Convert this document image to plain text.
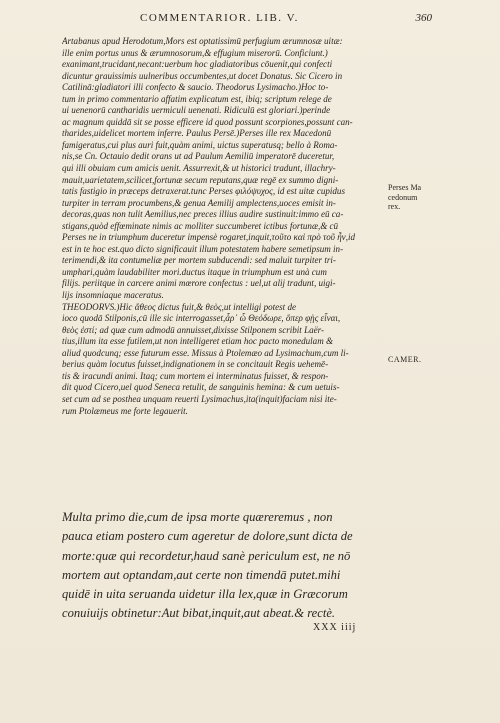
COMMENTARIOR. LIB. V.	360
Artabanus apud Herodotum,Mors est optatissimū perfugium ærumnosæ uitæ:
ille enim portus unus & ærumnosorum,& effugium miserorū. Conficiunt.)
exanimant,trucidant,necant:uerbum hoc gladiatoribus cōuenit,qui confecti
dicuntur grauissimis uulneribus occumbentes,ut docet Donatus. Sic Cicero in
Catilinā:gladiatori illi confecto & saucio. Theodorus Lysimacho.)Hoc to-
tum in primo commentario affatim explicatum est, ibiq; scriptum relege de
ui uenenorū cantharidis uermiculi uenenati. Ridiculū est gloriari.)perinde
ac magnum quiddā sit se posse efficere id quod possunt scorpiones,possunt can-
tharides,uidelicet mortem inferre. Paulus Persē.)Perses ille rex Macedonū
famigeratus,cui plus auri fuit,quàm animi, uictus superatusq; bello à Roma-
nis,se Cn. Octauio dedit orans ut ad Paulum Aemiliū imperatorē duceretur,
qui illi obuiam cum amicis uenit. Assurrexit,& ut historici tradunt, illachry-
mauit,uarietatem,scilicet,fortunæ secum reputans,quæ regē ex summo digni-
tatis fastigio in præceps detraxerat.tunc Perses φιλόψυχος, id est uitæ cupidus
turpiter in terram procumbens,& genua Aemilij amplectens,uoces emisit in-
decoras,quas non tulit Aemilius,nec preces illius audire sustinuit:immo eū ca-
stigans,quòd effœminate nimis ac molliter succumberet ictibus fortunæ,& cū
Perses ne in triumphum duceretur impensè rogaret,inquit,τοῦτο καὶ πρὸ τοῦ ἦν,id
est in te hoc est.quo dicto significauit illum potestatem habere semetipsum in-
terimendi,& ita contumeliæ per mortem subducendi: sed maluit turpiter tri-
umphari,quàm laudabiliter mori.ductus itaque in triumphum est unà cum
filijs. periitque in carcere animi mœrore confectus : uel,ut alij tradunt, uigi-
lijs insomniaque maceratus.
THEODORVS.)Hic ἄθεος dictus fuit,& θεὸς,ut intelligi potest de
ioco quodā Stilponis,cū ille sic interrogasset,ἆρ᾽ ὦ Θεόδωρε, ὅπερ φῂς εἶναι,
θεὸς ἐστί; ad quæ cum admodū annuisset,dixisse Stilponem scribit Laër-
tius,illum ita esse futilem,ut non intelligeret etiam hoc pacto monedulam &
aliud quodcunq; esse futurum esse. Missus à Ptolemæo ad Lysimachum,cum li-
berius quàm locutus fuisset,indignationem in se concitauit Regis uehemē-
tis & iracundi animi. Itaq; cum mortem ei interminatus fuisset, & respon-
dit quod Cicero,uel quod Seneca retulit, de sanguinis hemina: & cum uetuis-
set cum ad se posthea unquam reuerti Lysimachus,ita(inquit)faciam nisi ite-
rum Ptolæmeus me forte legauerit.
Perses Ma
cedonum
rex.
CAMER.
Multa primo die,cum de ipsa morte quæreremus , non
pauca etiam postero cum ageretur de dolore,sunt dicta de
morte:quæ qui recordetur,haud sanè periculum est, ne nō
mortem aut optandam,aut certe non timendā putet.mihi
quidē in uita seruanda uidetur illa lex,quæ in Græcorum
conuiuijs obtinetur:Aut bibat,inquit,aut abeat.& rectè.
XXX iiij
